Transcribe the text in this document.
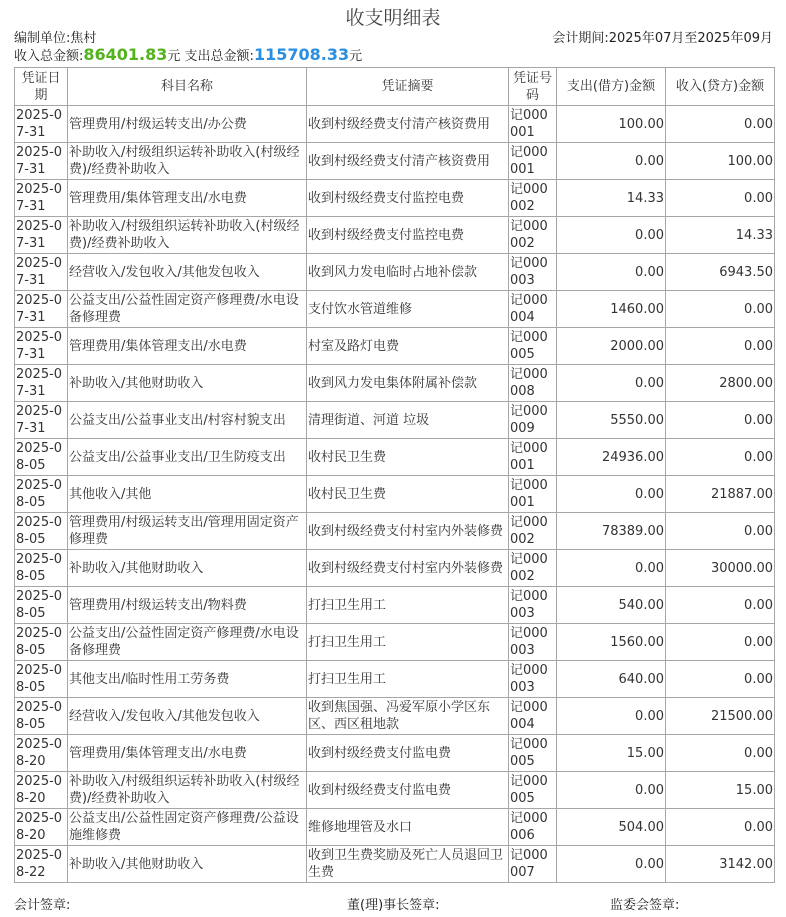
收支明细表
编制单位:焦村	会计期间:2025年07月至2025年09月
收入总金额:86401.83元 支出总金额:115708.33元
凭证日期	科目名称	凭证摘要	凭证号码	支出(借方)金额	收入(贷方)金额
2025-07-31	管理费用/村级运转支出/办公费	收到村级经费支付清产核资费用	记000001	100.00	0.00
2025-07-31	补助收入/村级组织运转补助收入(村级经费)/经费补助收入	收到村级经费支付清产核资费用	记000001	0.00	100.00
2025-07-31	管理费用/集体管理支出/水电费	收到村级经费支付监控电费	记000002	14.33	0.00
2025-07-31	补助收入/村级组织运转补助收入(村级经费)/经费补助收入	收到村级经费支付监控电费	记000002	0.00	14.33
2025-07-31	经营收入/发包收入/其他发包收入	收到风力发电临时占地补偿款	记000003	0.00	6943.50
2025-07-31	公益支出/公益性固定资产修理费/水电设备修理费	支付饮水管道维修	记000004	1460.00	0.00
2025-07-31	管理费用/集体管理支出/水电费	村室及路灯电费	记000005	2000.00	0.00
2025-07-31	补助收入/其他财助收入	收到风力发电集体附属补偿款	记000008	0.00	2800.00
2025-07-31	公益支出/公益事业支出/村容村貌支出	清理街道、河道 垃圾	记000009	5550.00	0.00
2025-08-05	公益支出/公益事业支出/卫生防疫支出	收村民卫生费	记000001	24936.00	0.00
2025-08-05	其他收入/其他	收村民卫生费	记000001	0.00	21887.00
2025-08-05	管理费用/村级运转支出/管理用固定资产修理费	收到村级经费支付村室内外装修费	记000002	78389.00	0.00
2025-08-05	补助收入/其他财助收入	收到村级经费支付村室内外装修费	记000002	0.00	30000.00
2025-08-05	管理费用/村级运转支出/物料费	打扫卫生用工	记000003	540.00	0.00
2025-08-05	公益支出/公益性固定资产修理费/水电设备修理费	打扫卫生用工	记000003	1560.00	0.00
2025-08-05	其他支出/临时性用工劳务费	打扫卫生用工	记000003	640.00	0.00
2025-08-05	经营收入/发包收入/其他发包收入	收到焦国强、冯爱军原小学区东区、西区租地款	记000004	0.00	21500.00
2025-08-20	管理费用/集体管理支出/水电费	收到村级经费支付监电费	记000005	15.00	0.00
2025-08-20	补助收入/村级组织运转补助收入(村级经费)/经费补助收入	收到村级经费支付监电费	记000005	0.00	15.00
2025-08-20	公益支出/公益性固定资产修理费/公益设施维修费	维修地埋管及水口	记000006	504.00	0.00
2025-08-22	补助收入/其他财助收入	收到卫生费奖励及死亡人员退回卫生费	记000007	0.00	3142.00
会计签章:	董(理)事长签章:	监委会签章:
